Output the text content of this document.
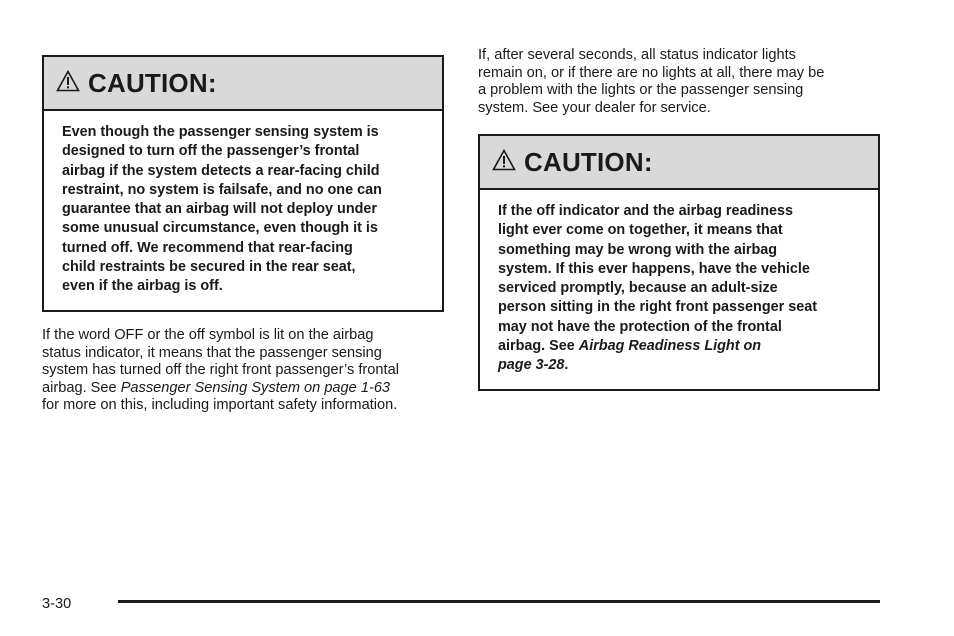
CAUTION:
Even though the passenger sensing system is
designed to turn off the passenger’s frontal
airbag if the system detects a rear-facing child
restraint, no system is failsafe, and no one can
guarantee that an airbag will not deploy under
some unusual circumstance, even though it is
turned off. We recommend that rear-facing
child restraints be secured in the rear seat,
even if the airbag is off.
If the word OFF or the off symbol is lit on the airbag
status indicator, it means that the passenger sensing
system has turned off the right front passenger’s frontal
airbag. See Passenger Sensing System on page 1-63
for more on this, including important safety information.
If, after several seconds, all status indicator lights
remain on, or if there are no lights at all, there may be
a problem with the lights or the passenger sensing
system. See your dealer for service.
CAUTION:
If the off indicator and the airbag readiness
light ever come on together, it means that
something may be wrong with the airbag
system. If this ever happens, have the vehicle
serviced promptly, because an adult-size
person sitting in the right front passenger seat
may not have the protection of the frontal
airbag. See Airbag Readiness Light on
page 3-28.
3-30
